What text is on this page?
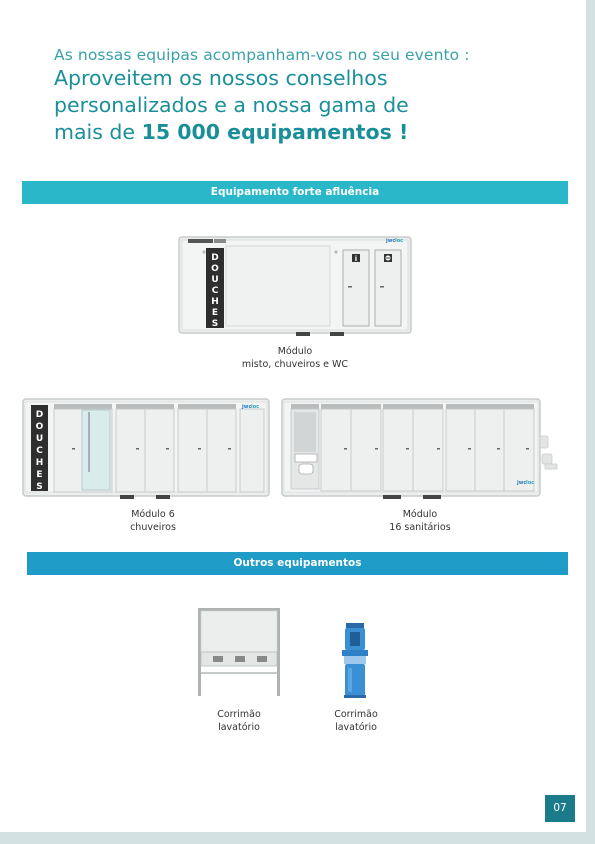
As nossas equipas acompanham-vos no seu evento :
Aproveitem os nossos conselhos
personalizados e a nossa gama de
mais de 15 000 equipamentos !
Equipamento forte afluência
D
O
U
C
H
E
S
i
jwc loc
Módulo
misto, chuveiros e WC
D
O
U
C
H
E
S
jwc loc
Módulo 6
chuveiros
jwc loc
Módulo
16 sanitários
Outros equipamentos
Corrimão
lavatório
Corrimão
lavatório
07
